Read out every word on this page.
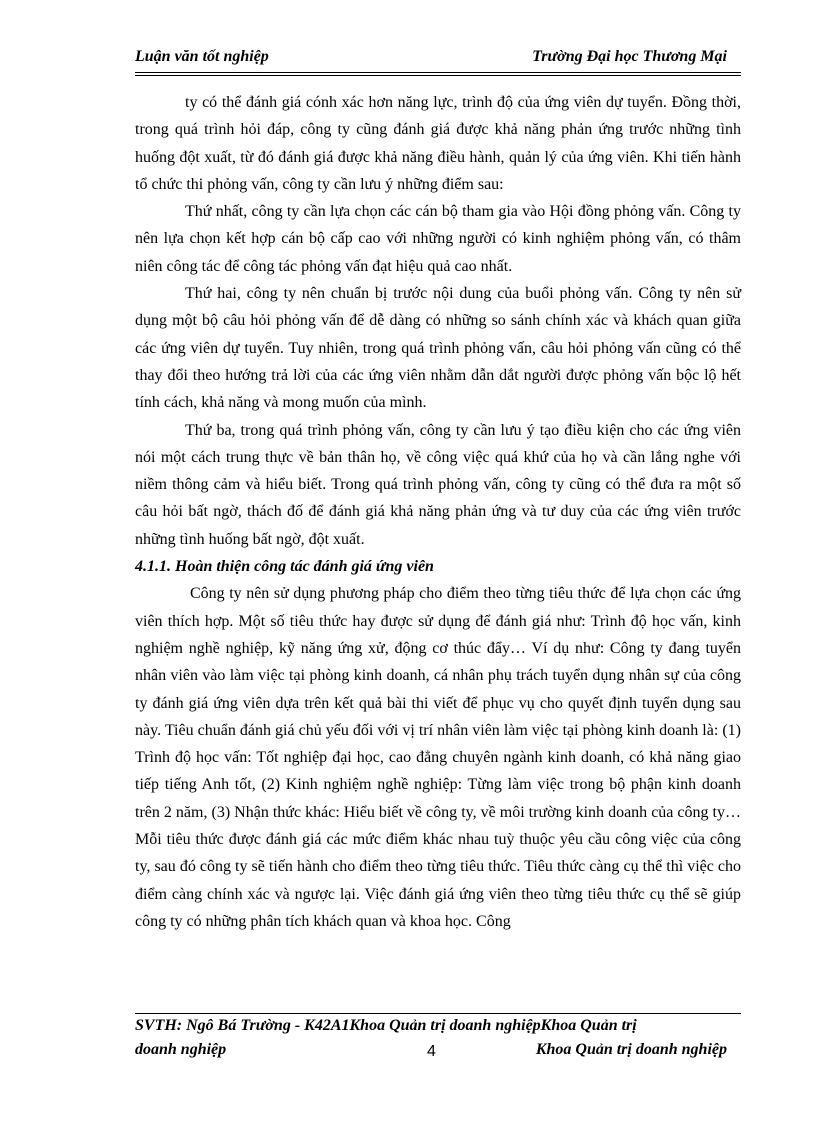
Luận văn tốt nghiệp	Trường Đại học Thương Mại

ty có thể đánh giá cónh xác hơn năng lực, trình độ của ứng viên dự tuyển. Đồng thời, trong quá trình hỏi đáp, công ty cũng đánh giá được khả năng phản ứng trước những tình huống đột xuất, từ đó đánh giá được khả năng điều hành, quản lý của ứng viên. Khi tiến hành tổ chức thi phỏng vấn, công ty cần lưu ý những điểm sau:

Thứ nhất, công ty cần lựa chọn các cán bộ tham gia vào Hội đồng phỏng vấn. Công ty nên lựa chọn kết hợp cán bộ cấp cao với những người có kinh nghiệm phỏng vấn, có thâm niên công tác để công tác phỏng vấn đạt hiệu quả cao nhất.

Thứ hai, công ty nên chuẩn bị trước nội dung của buổi phỏng vấn. Công ty nên sử dụng một bộ câu hỏi phỏng vấn để dễ dàng có những so sánh chính xác và khách quan giữa các ứng viên dự tuyển. Tuy nhiên, trong quá trình phỏng vấn, câu hỏi phỏng vấn cũng có thể thay đổi theo hướng trả lời của các ứng viên nhằm dẫn dắt người được phỏng vấn bộc lộ hết tính cách, khả năng và mong muốn của mình.

Thứ ba, trong quá trình phỏng vấn, công ty cần lưu ý tạo điều kiện cho các ứng viên nói một cách trung thực về bản thân họ, về công việc quá khứ của họ và cần lắng nghe với niềm thông cảm và hiểu biết. Trong quá trình phỏng vấn, công ty cũng có thể đưa ra một số câu hỏi bất ngờ, thách đố để đánh giá khả năng phản ứng và tư duy của các ứng viên trước những tình huống bất ngờ, đột xuất.

4.1.1. Hoàn thiện công tác đánh giá ứng viên

Công ty nên sử dụng phương pháp cho điểm theo từng tiêu thức để lựa chọn các ứng viên thích hợp. Một số tiêu thức hay được sử dụng để đánh giá như: Trình độ học vấn, kinh nghiệm nghề nghiệp, kỹ năng ứng xử, động cơ thúc đẩy… Ví dụ như: Công ty đang tuyển nhân viên vào làm việc tại phòng kinh doanh, cá nhân phụ trách tuyển dụng nhân sự của công ty đánh giá ứng viên dựa trên kết quả bài thi viết để phục vụ cho quyết định tuyển dụng sau này. Tiêu chuẩn đánh giá chủ yếu đối với vị trí nhân viên làm việc tại phòng kinh doanh là: (1) Trình độ học vấn: Tốt nghiệp đại học, cao đẳng chuyên ngành kinh doanh, có khả năng giao tiếp tiếng Anh tốt, (2) Kinh nghiệm nghề nghiệp: Từng làm việc trong bộ phận kinh doanh trên 2 năm, (3) Nhận thức khác: Hiểu biết về công ty, về môi trường kinh doanh của công ty… Mỗi tiêu thức được đánh giá các mức điểm khác nhau tuỳ thuộc yêu cầu công việc của công ty, sau đó công ty sẽ tiến hành cho điểm theo từng tiêu thức. Tiêu thức càng cụ thể thì việc cho điểm càng chính xác và ngược lại. Việc đánh giá ứng viên theo từng tiêu thức cụ thể sẽ giúp công ty có những phân tích khách quan và khoa học. Công

SVTH: Ngô Bá Trường - K42A1Khoa Quản trị doanh nghiệpKhoa Quản trị
doanh nghiệp	4	Khoa Quản trị doanh nghiệp
